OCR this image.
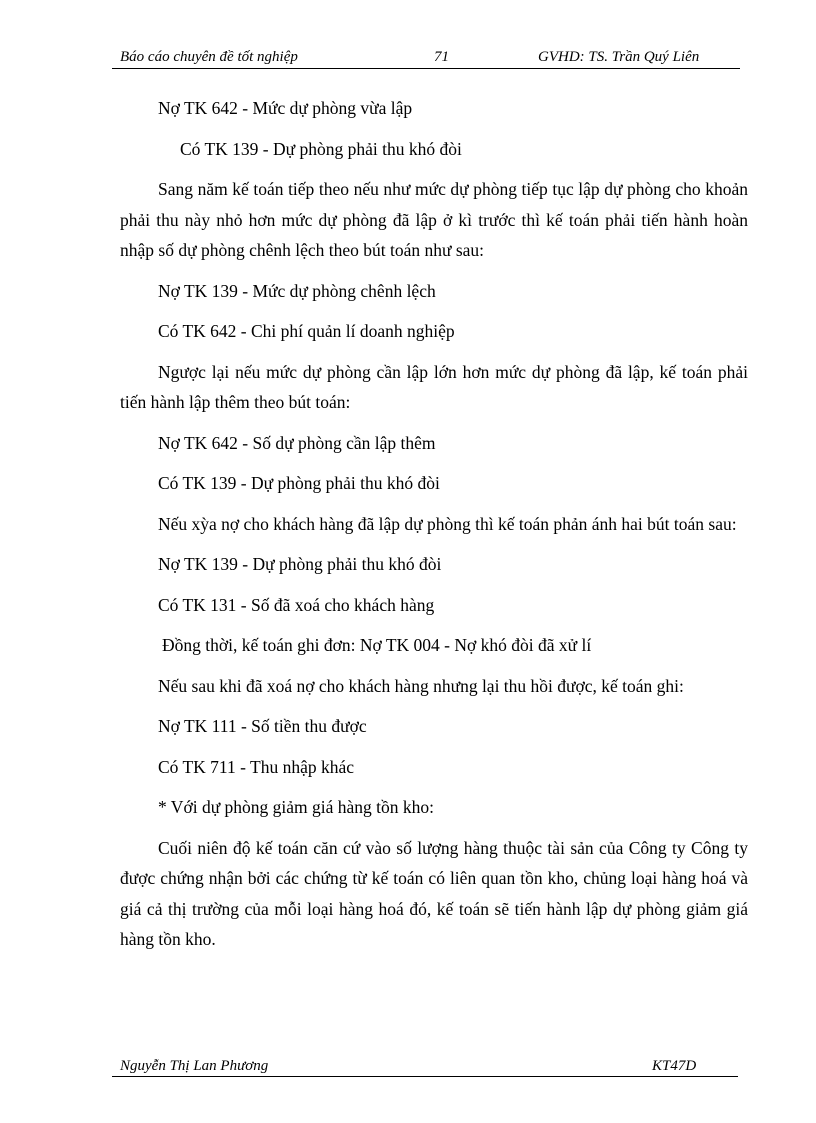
Báo cáo chuyên đề tốt nghiệp	71	GVHD: TS. Trần Quý Liên

Nợ TK 642 - Mức dự phòng vừa lập

Có TK 139 - Dự phòng phải thu khó đòi

Sang năm kế toán tiếp theo nếu như mức dự phòng tiếp tục lập dự phòng cho khoản phải thu này nhỏ hơn mức dự phòng đã lập ở kì trước thì kế toán phải tiến hành hoàn nhập số dự phòng chênh lệch theo bút toán như sau:

Nợ TK 139 - Mức dự phòng chênh lệch

Có TK 642 - Chi phí quản lí doanh nghiệp

Ngược lại nếu mức dự phòng cần lập lớn hơn mức dự phòng đã lập, kế toán phải tiến hành lập thêm theo bút toán:

Nợ TK 642 - Số dự phòng cần lập thêm

Có TK 139 - Dự phòng phải thu khó đòi

Nếu xỳa nợ cho khách hàng đã lập dự phòng thì kế toán phản ánh hai bút toán sau:

Nợ TK 139 - Dự phòng phải thu khó đòi

Có TK 131 - Số đã xoá cho khách hàng

Đồng thời, kế toán ghi đơn: Nợ TK 004 - Nợ khó đòi đã xử lí

Nếu sau khi đã xoá nợ cho khách hàng nhưng lại thu hồi được, kế toán ghi:

Nợ TK 111 - Số tiền thu được

Có TK 711 - Thu nhập khác

* Với dự phòng giảm giá hàng tồn kho:

Cuối niên độ kế toán căn cứ vào số lượng hàng thuộc tài sản của Công ty Công ty được chứng nhận bởi các chứng từ kế toán có liên quan tồn kho, chủng loại hàng hoá và giá cả thị trường của mỗi loại hàng hoá đó, kế toán sẽ tiến hành lập dự phòng giảm giá hàng tồn kho.

Nguyễn Thị Lan Phương	KT47D
